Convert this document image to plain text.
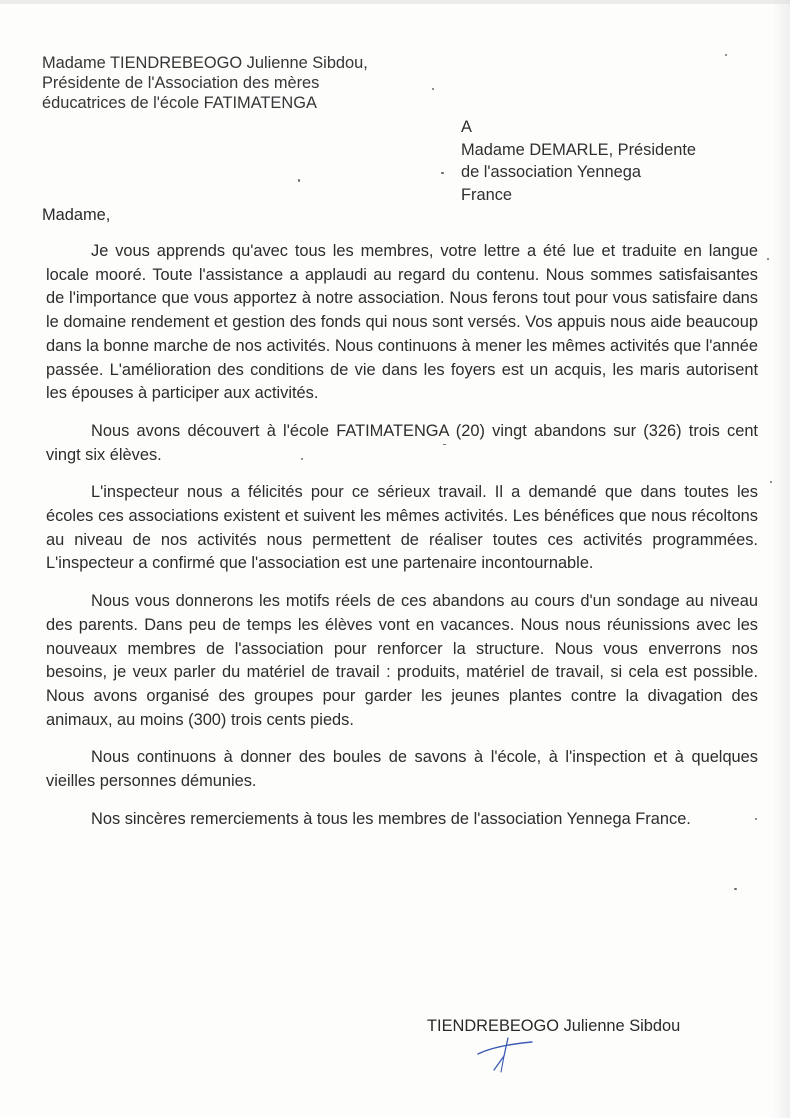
Madame TIENDREBEOGO Julienne Sibdou,
Présidente de l'Association des mères
éducatrices de l'école FATIMATENGA
A
Madame DEMARLE, Présidente
de l'association Yennega
France
Madame,

Je vous apprends qu'avec tous les membres, votre lettre a été lue et traduite en langue locale mooré. Toute l'assistance a applaudi au regard du contenu. Nous sommes satisfaisantes de l'importance que vous apportez à notre association. Nous ferons tout pour vous satisfaire dans le domaine rendement et gestion des fonds qui nous sont versés. Vos appuis nous aide beaucoup dans la bonne marche de nos activités. Nous continuons à mener les mêmes activités que l'année passée. L'amélioration des conditions de vie dans les foyers est un acquis, les maris autorisent les épouses à participer aux activités.

Nous avons découvert à l'école FATIMATENGA (20) vingt abandons sur (326) trois cent vingt six élèves.

L'inspecteur nous a félicités pour ce sérieux travail. Il a demandé que dans toutes les écoles ces associations existent et suivent les mêmes activités. Les bénéfices que nous récoltons au niveau de nos activités nous permettent de réaliser toutes ces activités programmées. L'inspecteur a confirmé que l'association est une partenaire incontournable.

Nous vous donnerons les motifs réels de ces abandons au cours d'un sondage au niveau des parents. Dans peu de temps les élèves vont en vacances. Nous nous réunissions avec les nouveaux membres de l'association pour renforcer la structure. Nous vous enverrons nos besoins, je veux parler du matériel de travail : produits, matériel de travail, si cela est possible. Nous avons organisé des groupes pour garder les jeunes plantes contre la divagation des animaux, au moins (300) trois cents pieds.

Nous continuons à donner des boules de savons à l'école, à l'inspection et à quelques vieilles personnes démunies.

Nos sincères remerciements à tous les membres de l'association Yennega France.

TIENDREBEOGO Julienne Sibdou
